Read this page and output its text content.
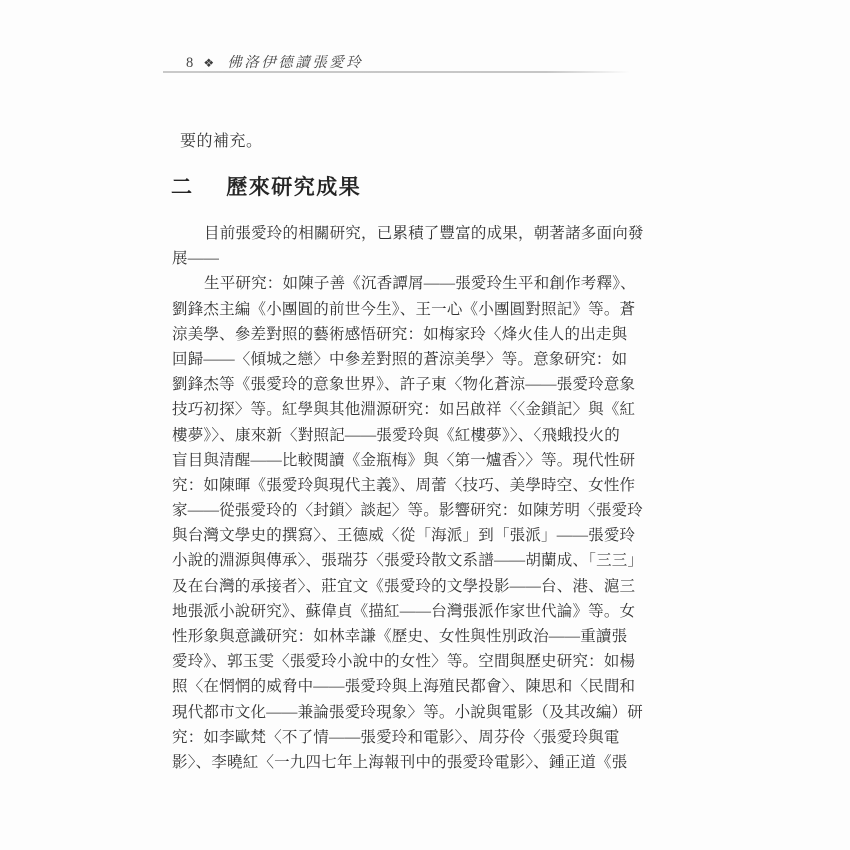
8 ❖ 佛洛伊德讀張愛玲
要的補充。
二 歷來研究成果
目前張愛玲的相關研究，已累積了豐富的成果，朝著諸多面向發
展——
生平研究：如陳子善《沉香譚屑——張愛玲生平和創作考釋》、
劉鋒杰主編《小團圓的前世今生》、王一心《小團圓對照記》等。蒼
涼美學、參差對照的藝術感悟研究：如梅家玲〈烽火佳人的出走與
回歸——〈傾城之戀〉中參差對照的蒼涼美學〉等。意象研究：如
劉鋒杰等《張愛玲的意象世界》、許子東〈物化蒼涼——張愛玲意象
技巧初探〉等。紅學與其他淵源研究：如呂啟祥〈〈金鎖記〉與《紅
樓夢》〉、康來新〈對照記——張愛玲與《紅樓夢》〉、〈飛蛾投火的
盲目與清醒——比較閱讀《金瓶梅》與〈第一爐香〉〉等。現代性研
究：如陳暉《張愛玲與現代主義》、周蕾〈技巧、美學時空、女性作
家——從張愛玲的〈封鎖〉談起〉等。影響研究：如陳芳明〈張愛玲
與台灣文學史的撰寫〉、王德威〈從「海派」到「張派」——張愛玲
小說的淵源與傳承〉、張瑞芬〈張愛玲散文系譜——胡蘭成、「三三」
及在台灣的承接者〉、莊宜文《張愛玲的文學投影——台、港、滬三
地張派小說研究》、蘇偉貞《描紅——台灣張派作家世代論》等。女
性形象與意識研究：如林幸謙《歷史、女性與性別政治——重讀張
愛玲》、郭玉雯〈張愛玲小說中的女性〉等。空間與歷史研究：如楊
照〈在惘惘的威脅中——張愛玲與上海殖民都會〉、陳思和〈民間和
現代都市文化——兼論張愛玲現象〉等。小說與電影（及其改編）研
究：如李歐梵〈不了情——張愛玲和電影〉、周芬伶〈張愛玲與電
影〉、李曉紅〈一九四七年上海報刊中的張愛玲電影〉、鍾正道《張
